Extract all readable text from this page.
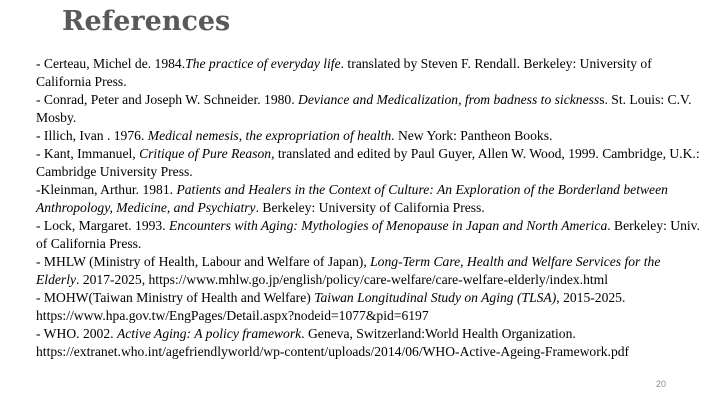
References
- Certeau, Michel de. 1984.The practice of everyday life. translated by Steven F. Rendall. Berkeley: University of California Press.
- Conrad, Peter and Joseph W. Schneider. 1980. Deviance and Medicalization, from badness to sicknesss. St. Louis: C.V. Mosby.
- Illich, Ivan . 1976. Medical nemesis, the expropriation of health. New York: Pantheon Books.
- Kant, Immanuel, Critique of Pure Reason, translated and edited by Paul Guyer, Allen W. Wood, 1999. Cambridge, U.K.: Cambridge University Press.
-Kleinman, Arthur. 1981. Patients and Healers in the Context of Culture: An Exploration of the Borderland between Anthropology, Medicine, and Psychiatry. Berkeley: University of California Press.
- Lock, Margaret. 1993. Encounters with Aging: Mythologies of Menopause in Japan and North America. Berkeley: Univ. of California Press.
- MHLW (Ministry of Health, Labour and Welfare of Japan), Long-Term Care, Health and Welfare Services for the Elderly. 2017-2025, https://www.mhlw.go.jp/english/policy/care-welfare/care-welfare-elderly/index.html
- MOHW(Taiwan Ministry of Health and Welfare) Taiwan Longitudinal Study on Aging (TLSA), 2015-2025. https://www.hpa.gov.tw/EngPages/Detail.aspx?nodeid=1077&pid=6197
- WHO. 2002. Active Aging: A policy framework. Geneva, Switzerland:World Health Organization. https://extranet.who.int/agefriendlyworld/wp-content/uploads/2014/06/WHO-Active-Ageing-Framework.pdf
20
